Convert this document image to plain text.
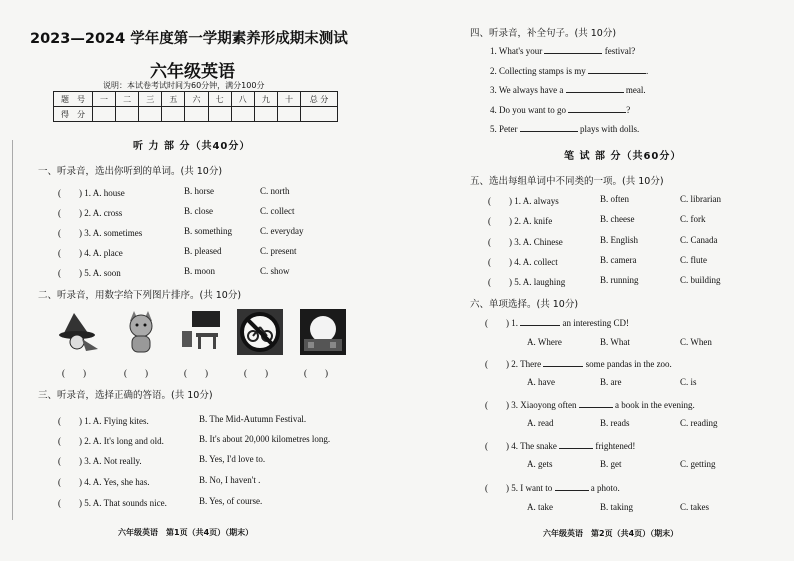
2023—2024 学年度第一学期素养形成期末测试
六年级英语
说明：本试卷考试时间为60分钟，满分100分
题　号	一	二	三	五	六	七	八	九	十	总 分
得　分										
听 力 部 分（共40分）
一、听录音，选出你听到的单词。(共 10分)
(　　) 1. A. house	B. horse	C. north
(　　) 2. A. cross	B. close	C. collect
(　　) 3. A. sometimes	B. something	C. everyday
(　　) 4. A. place	B. pleased	C. present
(　　) 5. A. soon	B. moon	C. show
二、听录音，用数字给下列图片排序。(共 10分)
(　　)	(　　)	(　　)	(　　)	(　　)
三、听录音，选择正确的答语。(共 10分)
(　　) 1. A. Flying kites.	B. The Mid-Autumn Festival.
(　　) 2. A. It's long and old.	B. It's about 20,000 kilometres long.
(　　) 3. A. Not really.	B. Yes, I'd love to.
(　　) 4. A. Yes, she has.	B. No, I haven't .
(　　) 5. A. That sounds nice.	B. Yes, of course.
六年级英语　第1页（共4页）（期末）
四、听录音，补全句子。(共 10分)
1. What's your	festival?
2. Collecting stamps is my	.
3. We always have a	meal.
4. Do you want to go	?
5. Peter	plays with dolls.
笔 试 部 分（共60分）
五、选出每组单词中不同类的一项。(共 10分)
(　　) 1. A. always	B. often	C. librarian
(　　) 2. A. knife	B. cheese	C. fork
(　　) 3. A. Chinese	B. English	C. Canada
(　　) 4. A. collect	B. camera	C. flute
(　　) 5. A. laughing	B. running	C. building
六、单项选择。(共 10分)
(　　) 1.	an interesting CD!
A. Where	B. What	C. When
(　　) 2. There	some pandas in the zoo.
A. have	B. are	C. is
(　　) 3. Xiaoyong often	a book in the evening.
A. read	B. reads	C. reading
(　　) 4. The snake	frightened!
A. gets	B. get	C. getting
(　　) 5. I want to	a photo.
A. take	B. taking	C. takes
六年级英语　第2页（共4页）（期末）
